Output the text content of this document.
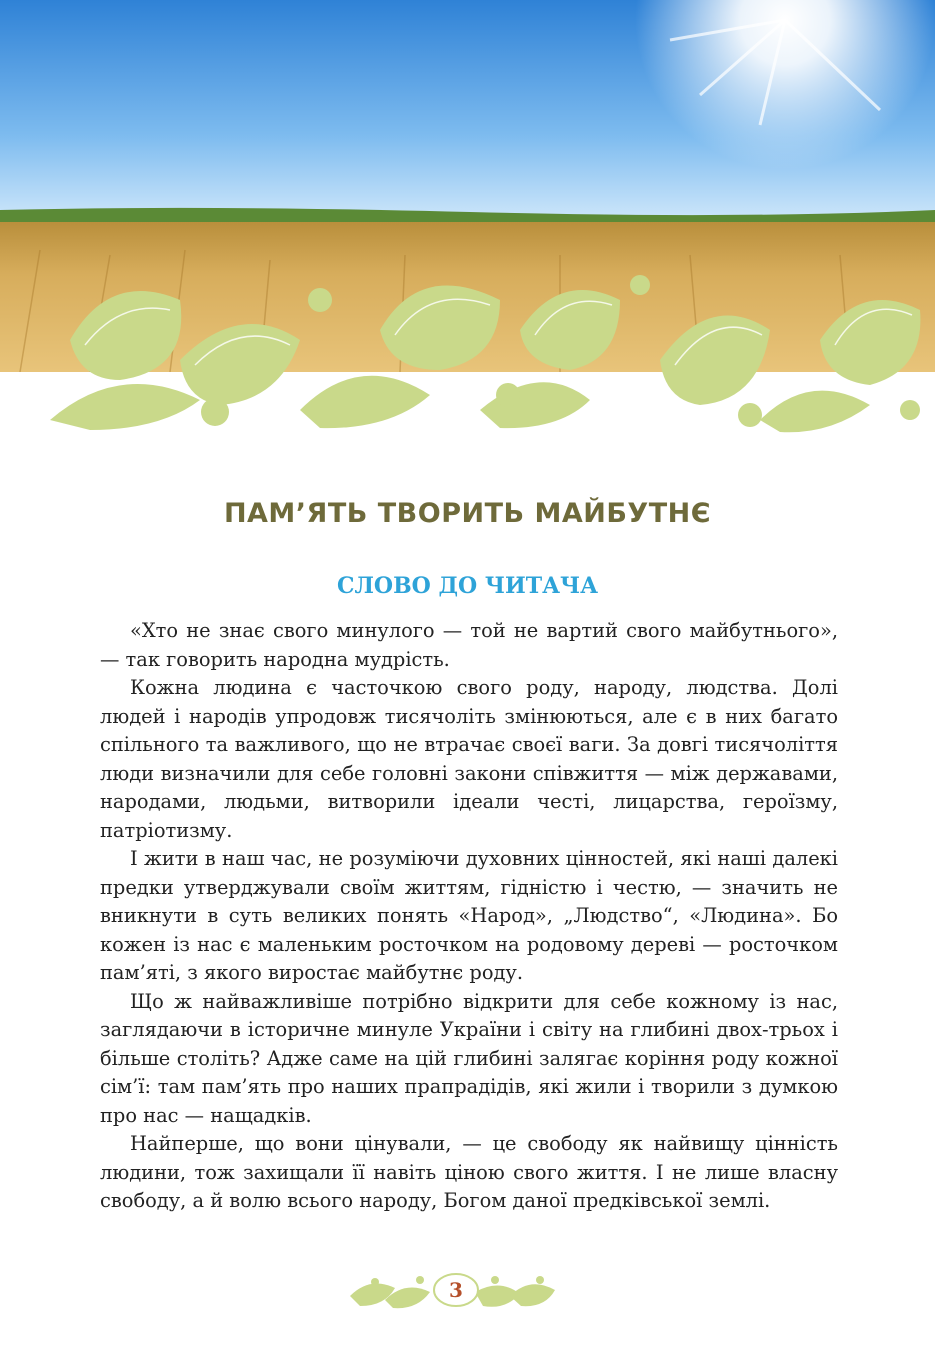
ПАМ’ЯТЬ ТВОРИТЬ МАЙБУТНЄ
СЛОВО ДО ЧИТАЧА

«Хто не знає свого минулого — той не вартий свого майбутнього», — так говорить народна мудрість.

Кожна людина є часточкою свого роду, народу, людства. Долі людей і народів упродовж тисячоліть змінюються, але є в них багато спільного та важливого, що не втрачає своєї ваги. За довгі тисячоліття люди визначили для себе головні закони співжиття — між державами, народами, людьми, витворили ідеали честі, лицарства, героїзму, патріотизму.

І жити в наш час, не розуміючи духовних цінностей, які наші далекі предки утверджували своїм життям, гідністю і честю, — значить не вникнути в суть великих понять «Народ», „Людство“, «Людина». Бо кожен із нас є маленьким росточком на родовому дереві — росточком пам’яті, з якого виростає майбутнє роду.

Що ж найважливіше потрібно відкрити для себе кожному із нас, заглядаючи в історичне минуле України і світу на глибині двох-трьох і більше століть? Адже саме на цій глибині залягає коріння роду кожної сім’ї: там пам’ять про наших прапрадідів, які жили і творили з думкою про нас — нащадків.

Найперше, що вони цінували, — це свободу як найвищу цінність людини, тож захищали її навіть ціною свого життя. І не лише власну свободу, а й волю всього народу, Богом даної предківської землі.

3
